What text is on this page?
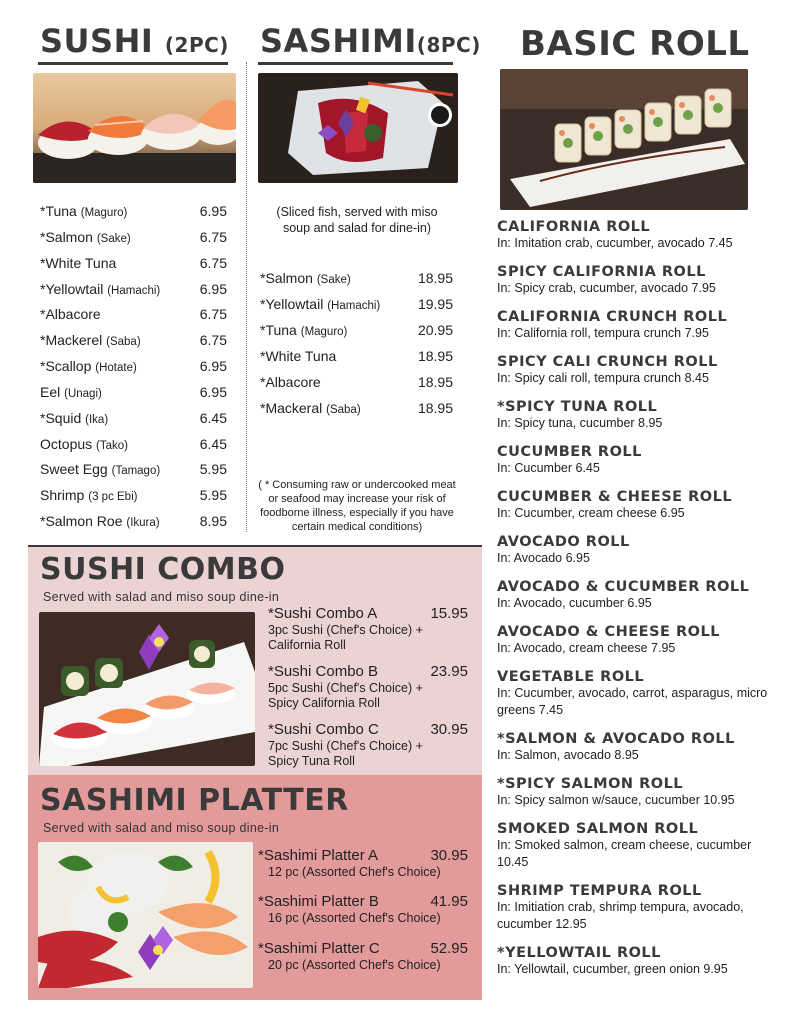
SUSHI (2PC)
*Tuna (Maguro)	6.95
*Salmon (Sake)	6.75
*White Tuna	6.75
*Yellowtail (Hamachi)	6.95
*Albacore	6.75
*Mackerel (Saba)	6.75
*Scallop (Hotate)	6.95
Eel (Unagi)	6.95
*Squid (Ika)	6.45
Octopus (Tako)	6.45
Sweet Egg (Tamago)	5.95
Shrimp (3 pc Ebi)	5.95
*Salmon Roe (Ikura)	8.95
SASHIMI(8PC)
(Sliced fish, served with miso soup and salad for dine-in)
*Salmon (Sake)	18.95
*Yellowtail (Hamachi)	19.95
*Tuna (Maguro)	20.95
*White Tuna	18.95
*Albacore	18.95
*Mackeral (Saba)	18.95
( * Consuming raw or undercooked meat or seafood may increase your risk of foodborne illness, especially if you have certain medical conditions)
BASIC ROLL
CALIFORNIA ROLL
In: Imitation crab, cucumber, avocado 7.45
SPICY CALIFORNIA ROLL
In: Spicy crab, cucumber, avocado 7.95
CALIFORNIA CRUNCH ROLL
In: California roll, tempura crunch 7.95
SPICY CALI CRUNCH ROLL
In: Spicy cali roll, tempura crunch 8.45
*SPICY TUNA ROLL
In: Spicy tuna, cucumber 8.95
CUCUMBER ROLL
In: Cucumber 6.45
CUCUMBER & CHEESE ROLL
In: Cucumber, cream cheese 6.95
AVOCADO ROLL
In: Avocado 6.95
AVOCADO & CUCUMBER ROLL
In: Avocado, cucumber 6.95
AVOCADO & CHEESE ROLL
In: Avocado, cream cheese 7.95
VEGETABLE ROLL
In: Cucumber, avocado, carrot, asparagus, micro greens 7.45
*SALMON & AVOCADO ROLL
In: Salmon, avocado 8.95
*SPICY SALMON ROLL
In: Spicy salmon w/sauce, cucumber 10.95
SMOKED SALMON ROLL
In: Smoked salmon, cream cheese, cucumber 10.45
SHRIMP TEMPURA ROLL
In: Imitiation crab, shrimp tempura, avocado, cucumber 12.95
*YELLOWTAIL ROLL
In: Yellowtail, cucumber, green onion 9.95
SUSHI COMBO
Served with salad and miso soup dine-in
*Sushi Combo A	15.95
3pc Sushi (Chef's Choice) +
California Roll
*Sushi Combo B	23.95
5pc Sushi (Chef's Choice) +
Spicy California Roll
*Sushi Combo C	30.95
7pc Sushi (Chef's Choice) +
Spicy Tuna Roll
SASHIMI PLATTER
Served with salad and miso soup dine-in
*Sashimi Platter A	30.95
12 pc (Assorted Chef's Choice)
*Sashimi Platter B	41.95
16 pc (Assorted Chef's Choice)
*Sashimi Platter C	52.95
20 pc (Assorted Chef's Choice)
